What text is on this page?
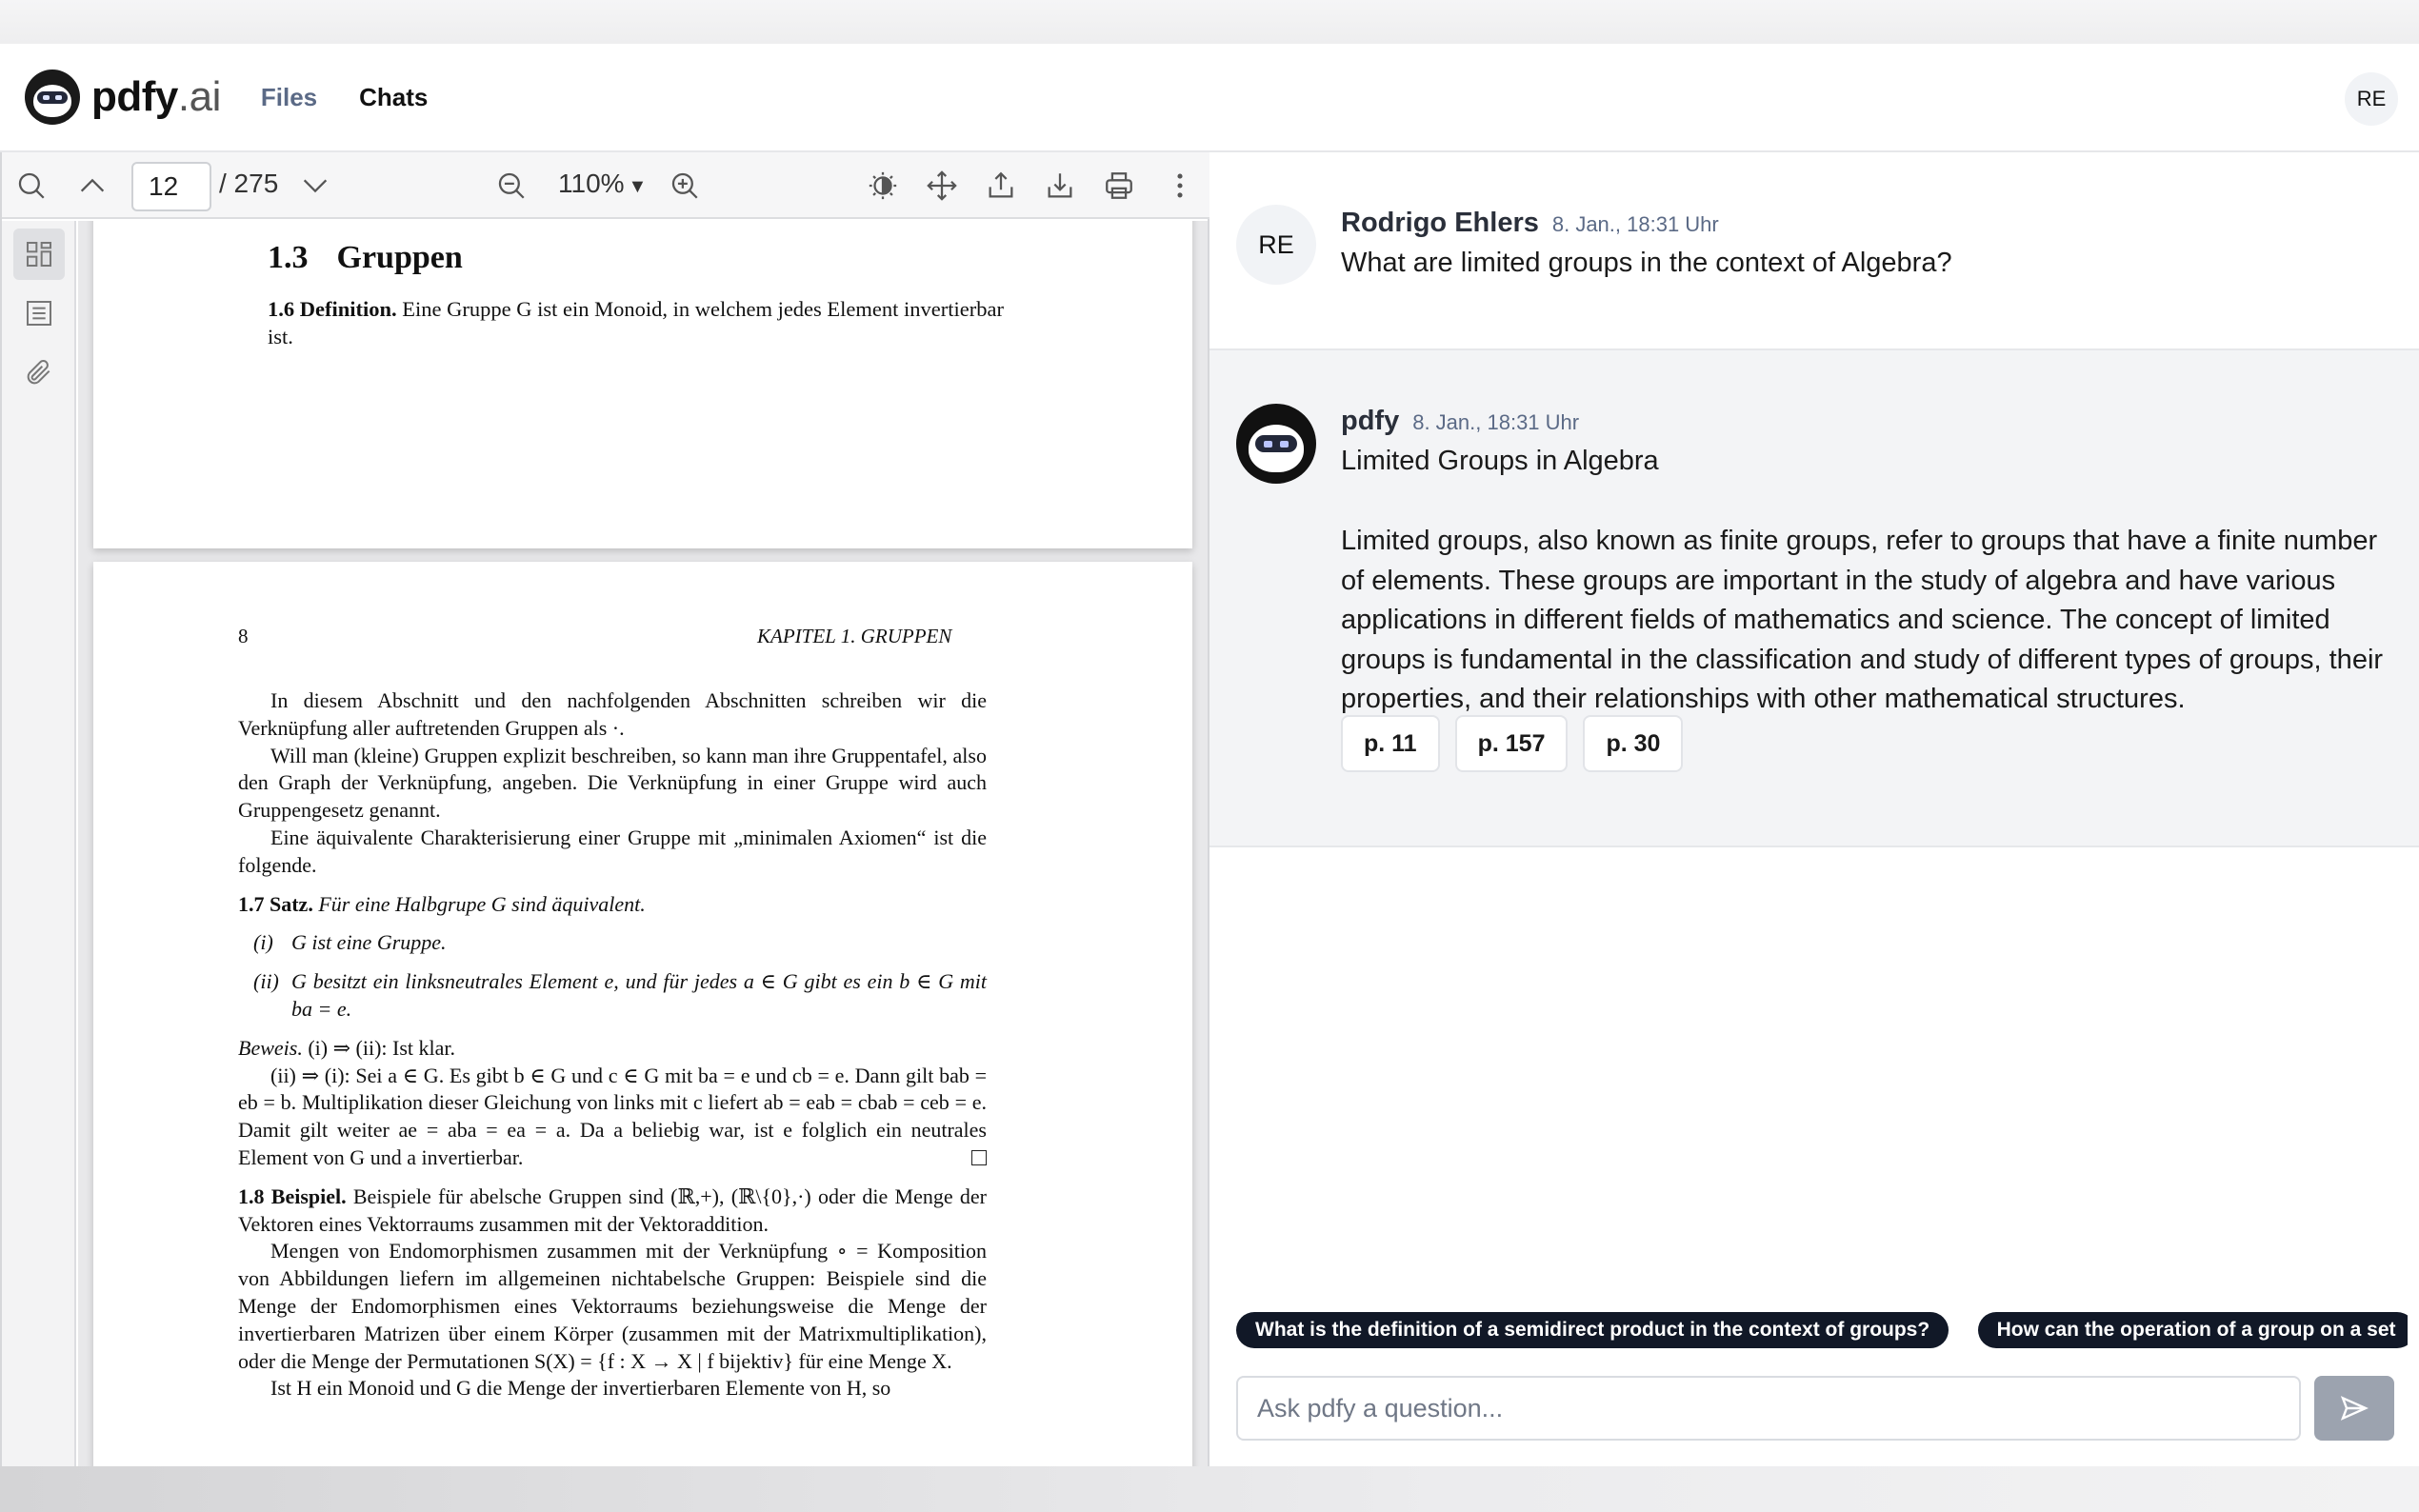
pdfy.ai Files Chats	RE
12
/ 275	110% ▼
1.3 Gruppen
1.6 Definition. Eine Gruppe G ist ein Monoid, in welchem jedes Element invertierbar ist.
8	KAPITEL 1. GRUPPEN

In diesem Abschnitt und den nachfolgenden Abschnitten schreiben wir die Verknüpfung aller auftretenden Gruppen als ·.

Will man (kleine) Gruppen explizit beschreiben, so kann man ihre Gruppentafel, also den Graph der Verknüpfung, angeben. Die Verknüpfung in einer Gruppe wird auch Gruppengesetz genannt.

Eine äquivalente Charakterisierung einer Gruppe mit „minimalen Axiomen“ ist die folgende.

1.7 Satz. Für eine Halbgrupe G sind äquivalent.

(i) G ist eine Gruppe.

(ii) G besitzt ein linksneutrales Element e, und für jedes a ∈ G gibt es ein b ∈ G mit ba = e.

Beweis. (i) ⇒ (ii): Ist klar.

(ii) ⇒ (i): Sei a ∈ G. Es gibt b ∈ G und c ∈ G mit ba = e und cb = e. Dann gilt bab = eb = b. Multiplikation dieser Gleichung von links mit c liefert ab = eab = cbab = ceb = e. Damit gilt weiter ae = aba = ea = a. Da a beliebig war, ist e folglich ein neutrales Element von G und a invertierbar.

1.8 Beispiel. Beispiele für abelsche Gruppen sind (ℝ,+), (ℝ\{0},·) oder die Menge der Vektoren eines Vektorraums zusammen mit der Vektoraddition.

Mengen von Endomorphismen zusammen mit der Verknüpfung ∘ = Komposition von Abbildungen liefern im allgemeinen nichtabelsche Gruppen: Beispiele sind die Menge der Endomorphismen eines Vektorraums beziehungsweise die Menge der invertierbaren Matrizen über einem Körper (zusammen mit der Matrixmultiplikation), oder die Menge der Permutationen S(X) = {f : X → X | f bijektiv} für eine Menge X.

Ist H ein Monoid und G die Menge der invertierbaren Elemente von H, so

RE
Rodrigo Ehlers 8. Jan., 18:31 Uhr
What are limited groups in the context of Algebra?
pdfy 8. Jan., 18:31 Uhr
Limited Groups in Algebra
Limited groups, also known as finite groups, refer to groups that have a finite number of elements. These groups are important in the study of algebra and have various applications in different fields of mathematics and science. The concept of limited groups is fundamental in the classification and study of different types of groups, their properties, and their relationships with other mathematical structures.
p. 11	p. 157	p. 30
What is the definition of a semidirect product in the context of groups?	How can the operation of a group on a set
Ask pdfy a question...
